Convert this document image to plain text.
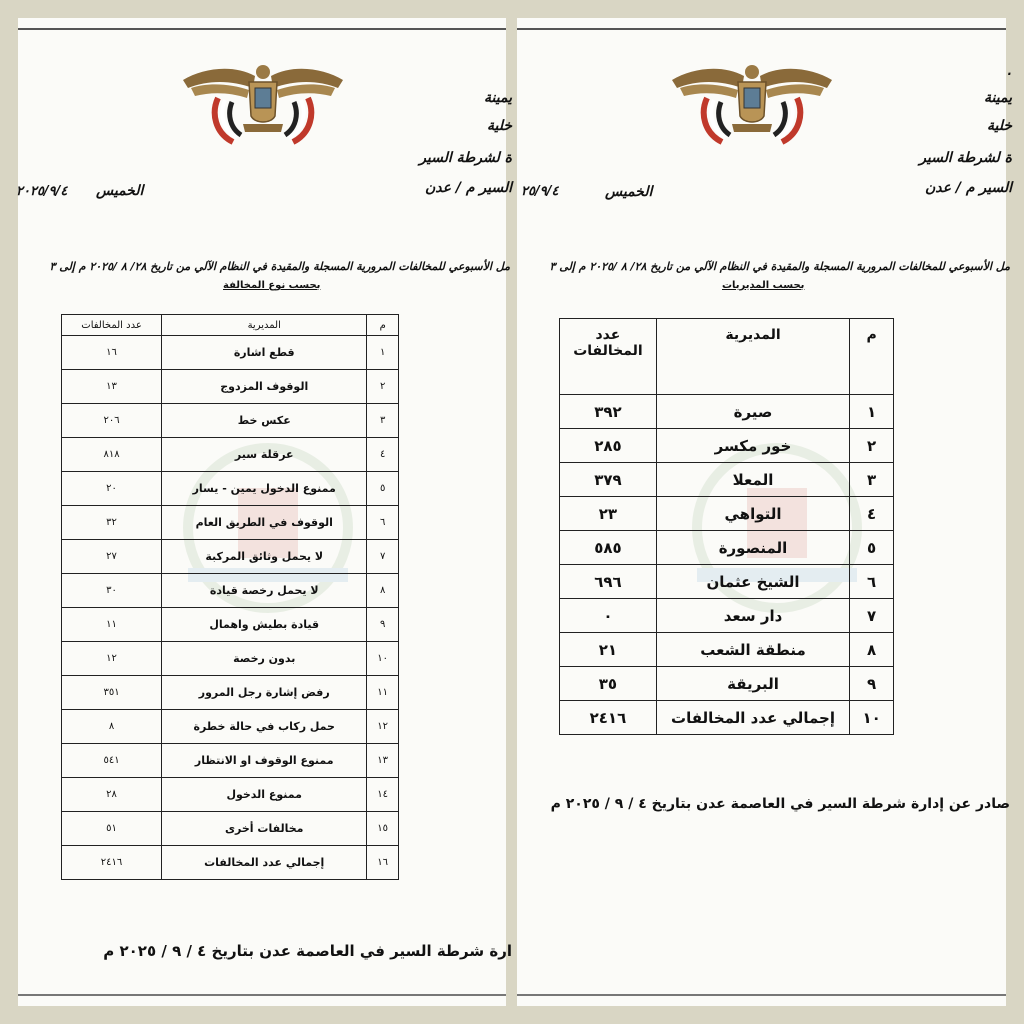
يمينة
خلية
ة لشرطة السير
السير م / عدن
الخميس
٢٠٢٥/٩/٤
مل الأسبوعي للمخالفات المرورية المسجلة والمقيدة في النظام الآلي من تاريخ ٢٨/ ٨ /٢٠٢٥ م إلى ٣
بحسب نوع المخالفة
م	المديرية	عدد المخالفات
١	قطع اشارة	١٦
٢	الوقوف المزدوج	١٣
٣	عكس خط	٢٠٦
٤	عرقلة سير	٨١٨
٥	ممنوع الدخول يمين - يسار	٢٠
٦	الوقوف في الطريق العام	٣٢
٧	لا يحمل وثائق المركبة	٢٧
٨	لا يحمل رخصة قيادة	٣٠
٩	قيادة بطيش واهمال	١١
١٠	بدون رخصة	١٢
١١	رفض إشارة رجل المرور	٣٥١
١٢	حمل ركاب في حالة خطرة	٨
١٣	ممنوع الوقوف او الانتظار	٥٤١
١٤	ممنوع الدخول	٢٨
١٥	مخالفات أخرى	٥١
١٦	إجمالي عدد المخالفات	٢٤١٦
ارة شرطة السير في العاصمة عدن بتاريخ ٤ / ٩ / ٢٠٢٥ م
.
يمينة
خلية
ة لشرطة السير
السير م / عدن
الخميس
٢٥/٩/٤
مل الأسبوعي للمخالفات المرورية المسجلة والمقيدة في النظام الآلي من تاريخ ٢٨/ ٨ /٢٠٢٥ م إلى ٣
بحسب المديريات
م	المديرية	عدد المخالفات
١	صيرة	٣٩٢
٢	خور مكسر	٢٨٥
٣	المعلا	٣٧٩
٤	التواهي	٢٣
٥	المنصورة	٥٨٥
٦	الشيخ عثمان	٦٩٦
٧	دار سعد	٠
٨	منطقة الشعب	٢١
٩	البريقة	٣٥
١٠	إجمالي عدد المخالفات	٢٤١٦
صادر عن إدارة شرطة السير في العاصمة عدن بتاريخ ٤ / ٩ / ٢٠٢٥ م
